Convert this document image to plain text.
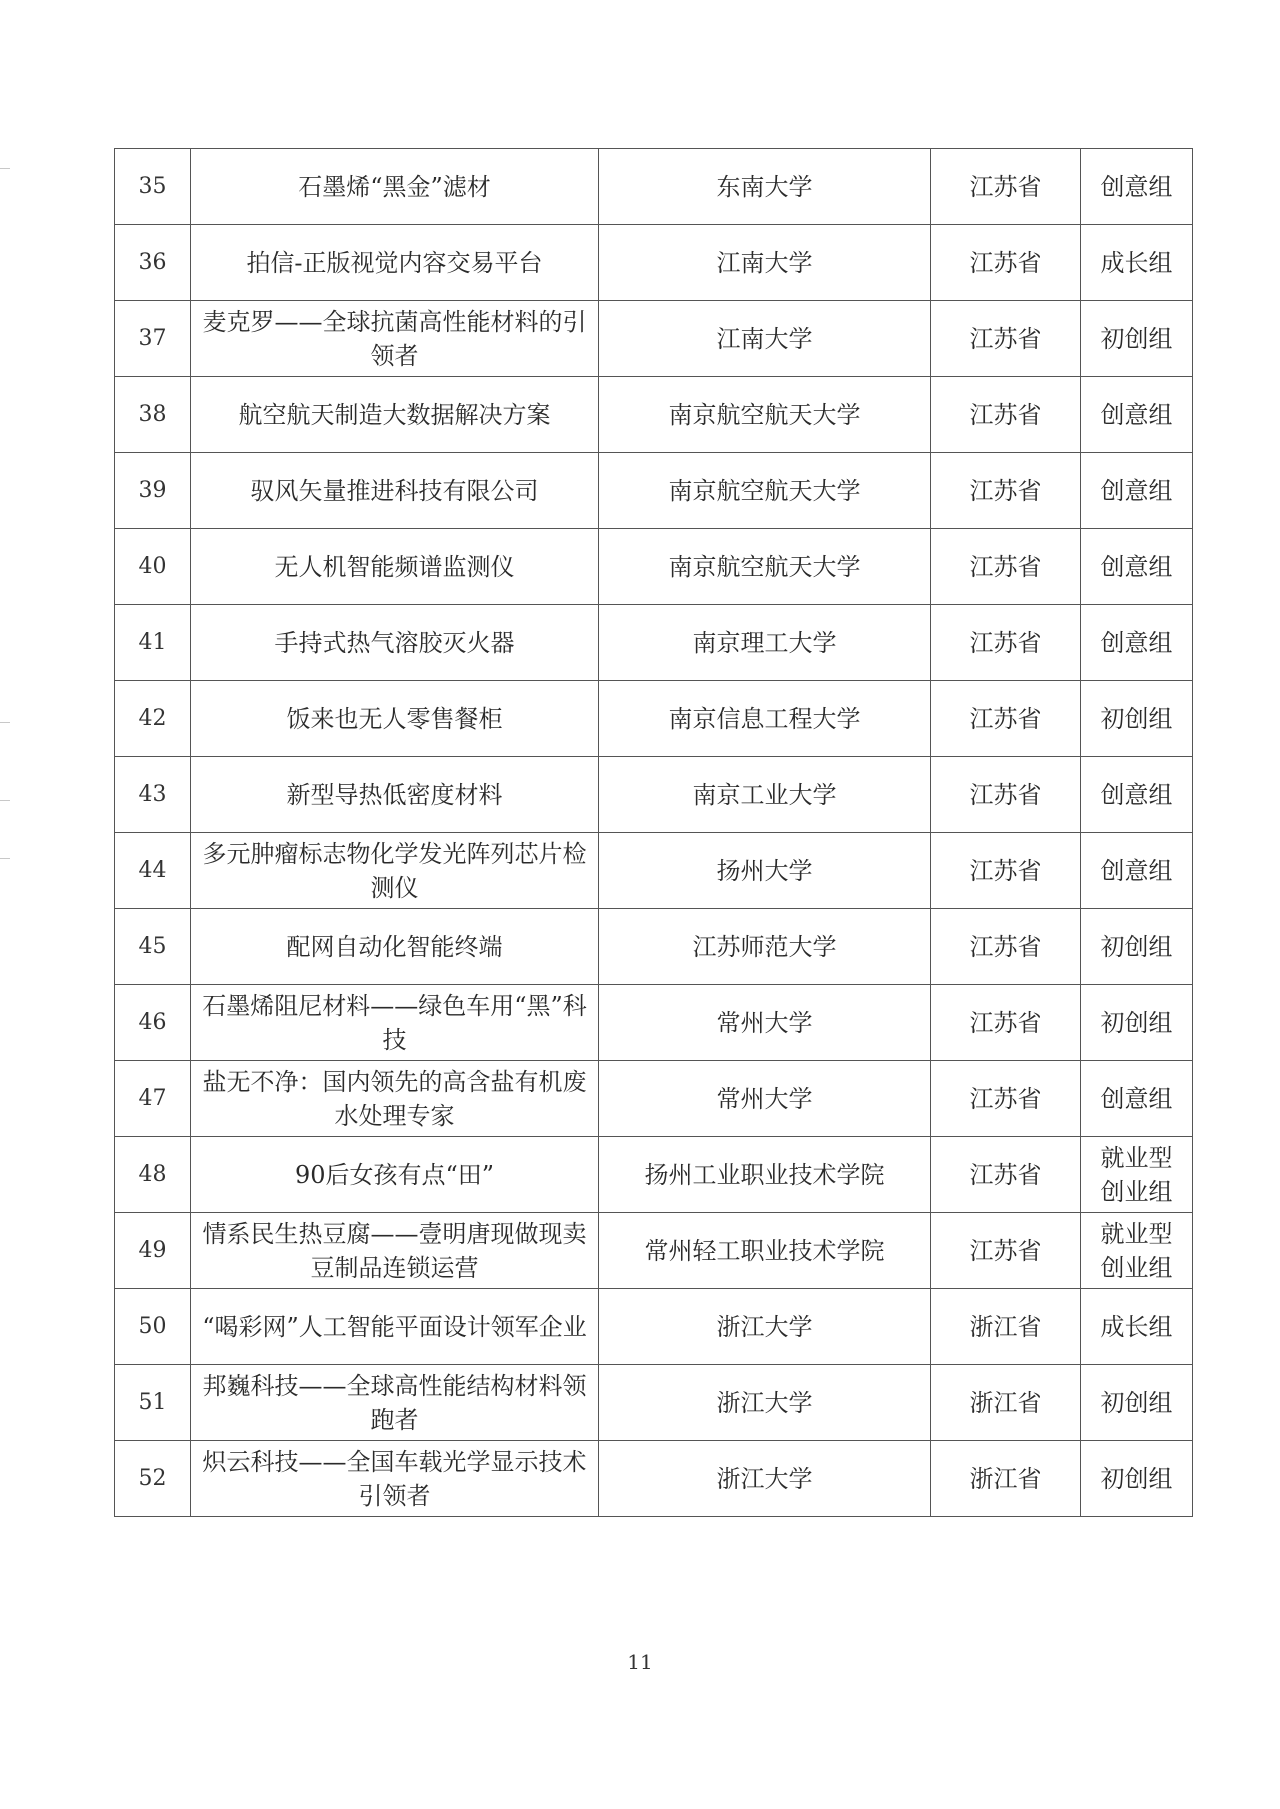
35	石墨烯“黑金”滤材	东南大学	江苏省	创意组
36	拍信-正版视觉内容交易平台	江南大学	江苏省	成长组
37	麦克罗——全球抗菌高性能材料的引领者	江南大学	江苏省	初创组
38	航空航天制造大数据解决方案	南京航空航天大学	江苏省	创意组
39	驭风矢量推进科技有限公司	南京航空航天大学	江苏省	创意组
40	无人机智能频谱监测仪	南京航空航天大学	江苏省	创意组
41	手持式热气溶胶灭火器	南京理工大学	江苏省	创意组
42	饭来也无人零售餐柜	南京信息工程大学	江苏省	初创组
43	新型导热低密度材料	南京工业大学	江苏省	创意组
44	多元肿瘤标志物化学发光阵列芯片检测仪	扬州大学	江苏省	创意组
45	配网自动化智能终端	江苏师范大学	江苏省	初创组
46	石墨烯阻尼材料——绿色车用“黑”科技	常州大学	江苏省	初创组
47	盐无不净：国内领先的高含盐有机废水处理专家	常州大学	江苏省	创意组
48	90后女孩有点“田”	扬州工业职业技术学院	江苏省	就业型创业组
49	情系民生热豆腐——壹明唐现做现卖豆制品连锁运营	常州轻工职业技术学院	江苏省	就业型创业组
50	“喝彩网”人工智能平面设计领军企业	浙江大学	浙江省	成长组
51	邦巍科技——全球高性能结构材料领跑者	浙江大学	浙江省	初创组
52	炽云科技——全国车载光学显示技术引领者	浙江大学	浙江省	初创组
11
